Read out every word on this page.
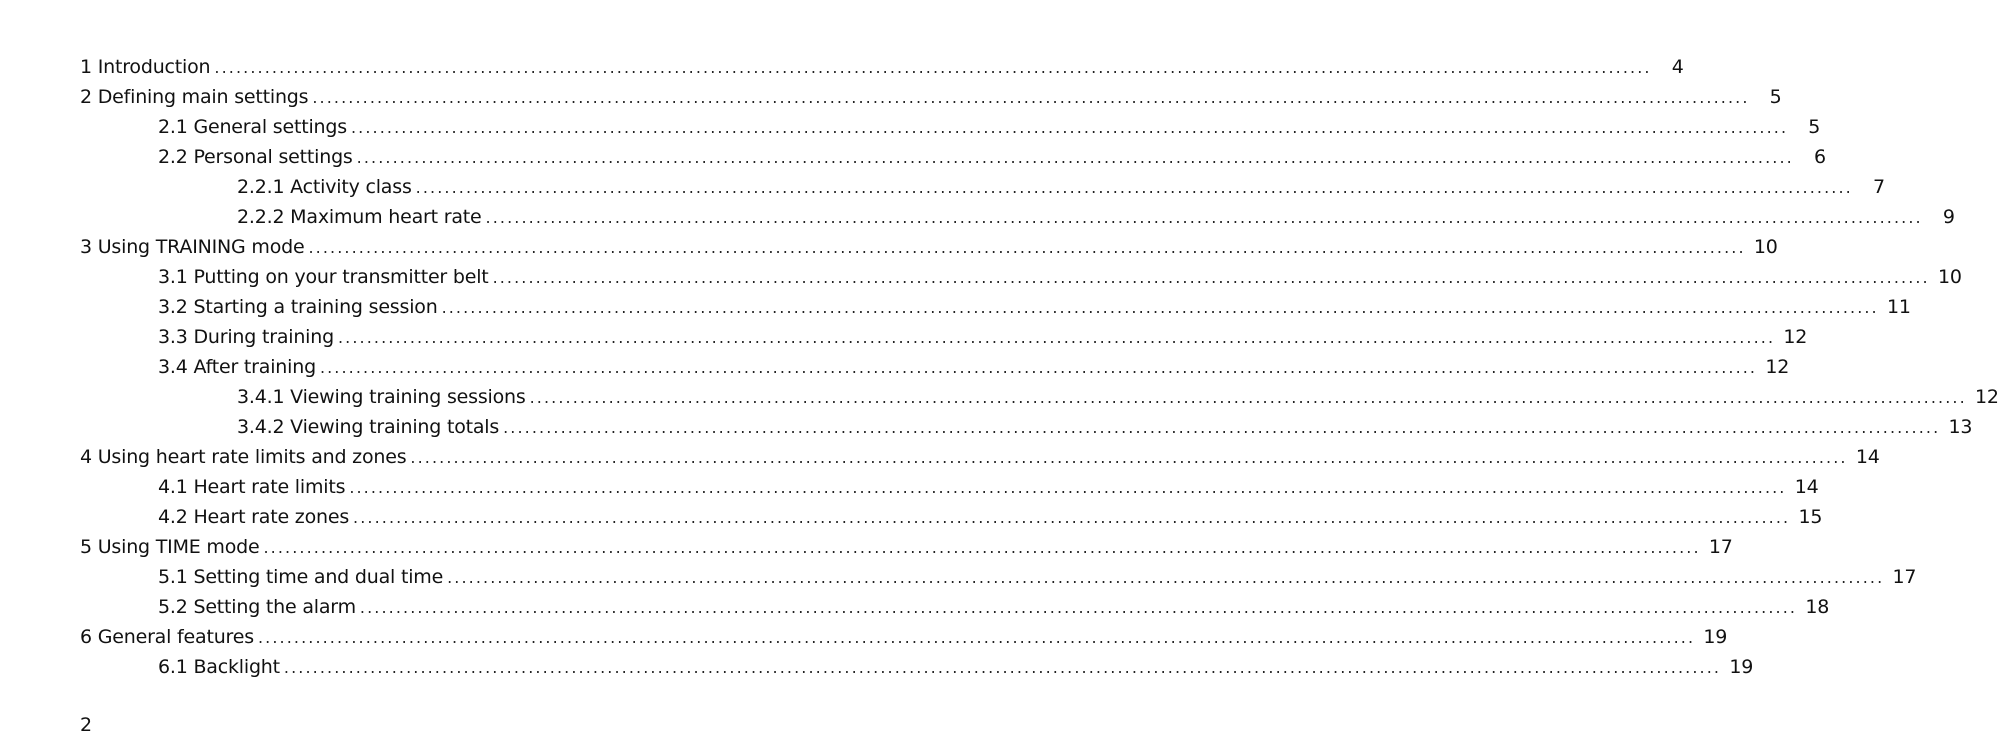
1 Introduction ........................................................................................................................................................................................................	4
2 Defining main settings ........................................................................................................................................................................................................	5
2.1 General settings ........................................................................................................................................................................................................	5
2.2 Personal settings ........................................................................................................................................................................................................	6
2.2.1 Activity class ........................................................................................................................................................................................................	7
2.2.2 Maximum heart rate ........................................................................................................................................................................................................	9
3 Using TRAINING mode ........................................................................................................................................................................................................ 10
3.1 Putting on your transmitter belt ........................................................................................................................................................................................................ 10
3.2 Starting a training session ........................................................................................................................................................................................................ 11
3.3 During training ........................................................................................................................................................................................................ 12
3.4 After training ........................................................................................................................................................................................................ 12
3.4.1 Viewing training sessions ........................................................................................................................................................................................................ 12
3.4.2 Viewing training totals ........................................................................................................................................................................................................ 13
4 Using heart rate limits and zones ........................................................................................................................................................................................................ 14
4.1 Heart rate limits ........................................................................................................................................................................................................ 14
4.2 Heart rate zones ........................................................................................................................................................................................................ 15
5 Using TIME mode ........................................................................................................................................................................................................ 17
5.1 Setting time and dual time ........................................................................................................................................................................................................ 17
5.2 Setting the alarm ........................................................................................................................................................................................................ 18
6 General features ........................................................................................................................................................................................................ 19
6.1 Backlight ........................................................................................................................................................................................................ 19
2
